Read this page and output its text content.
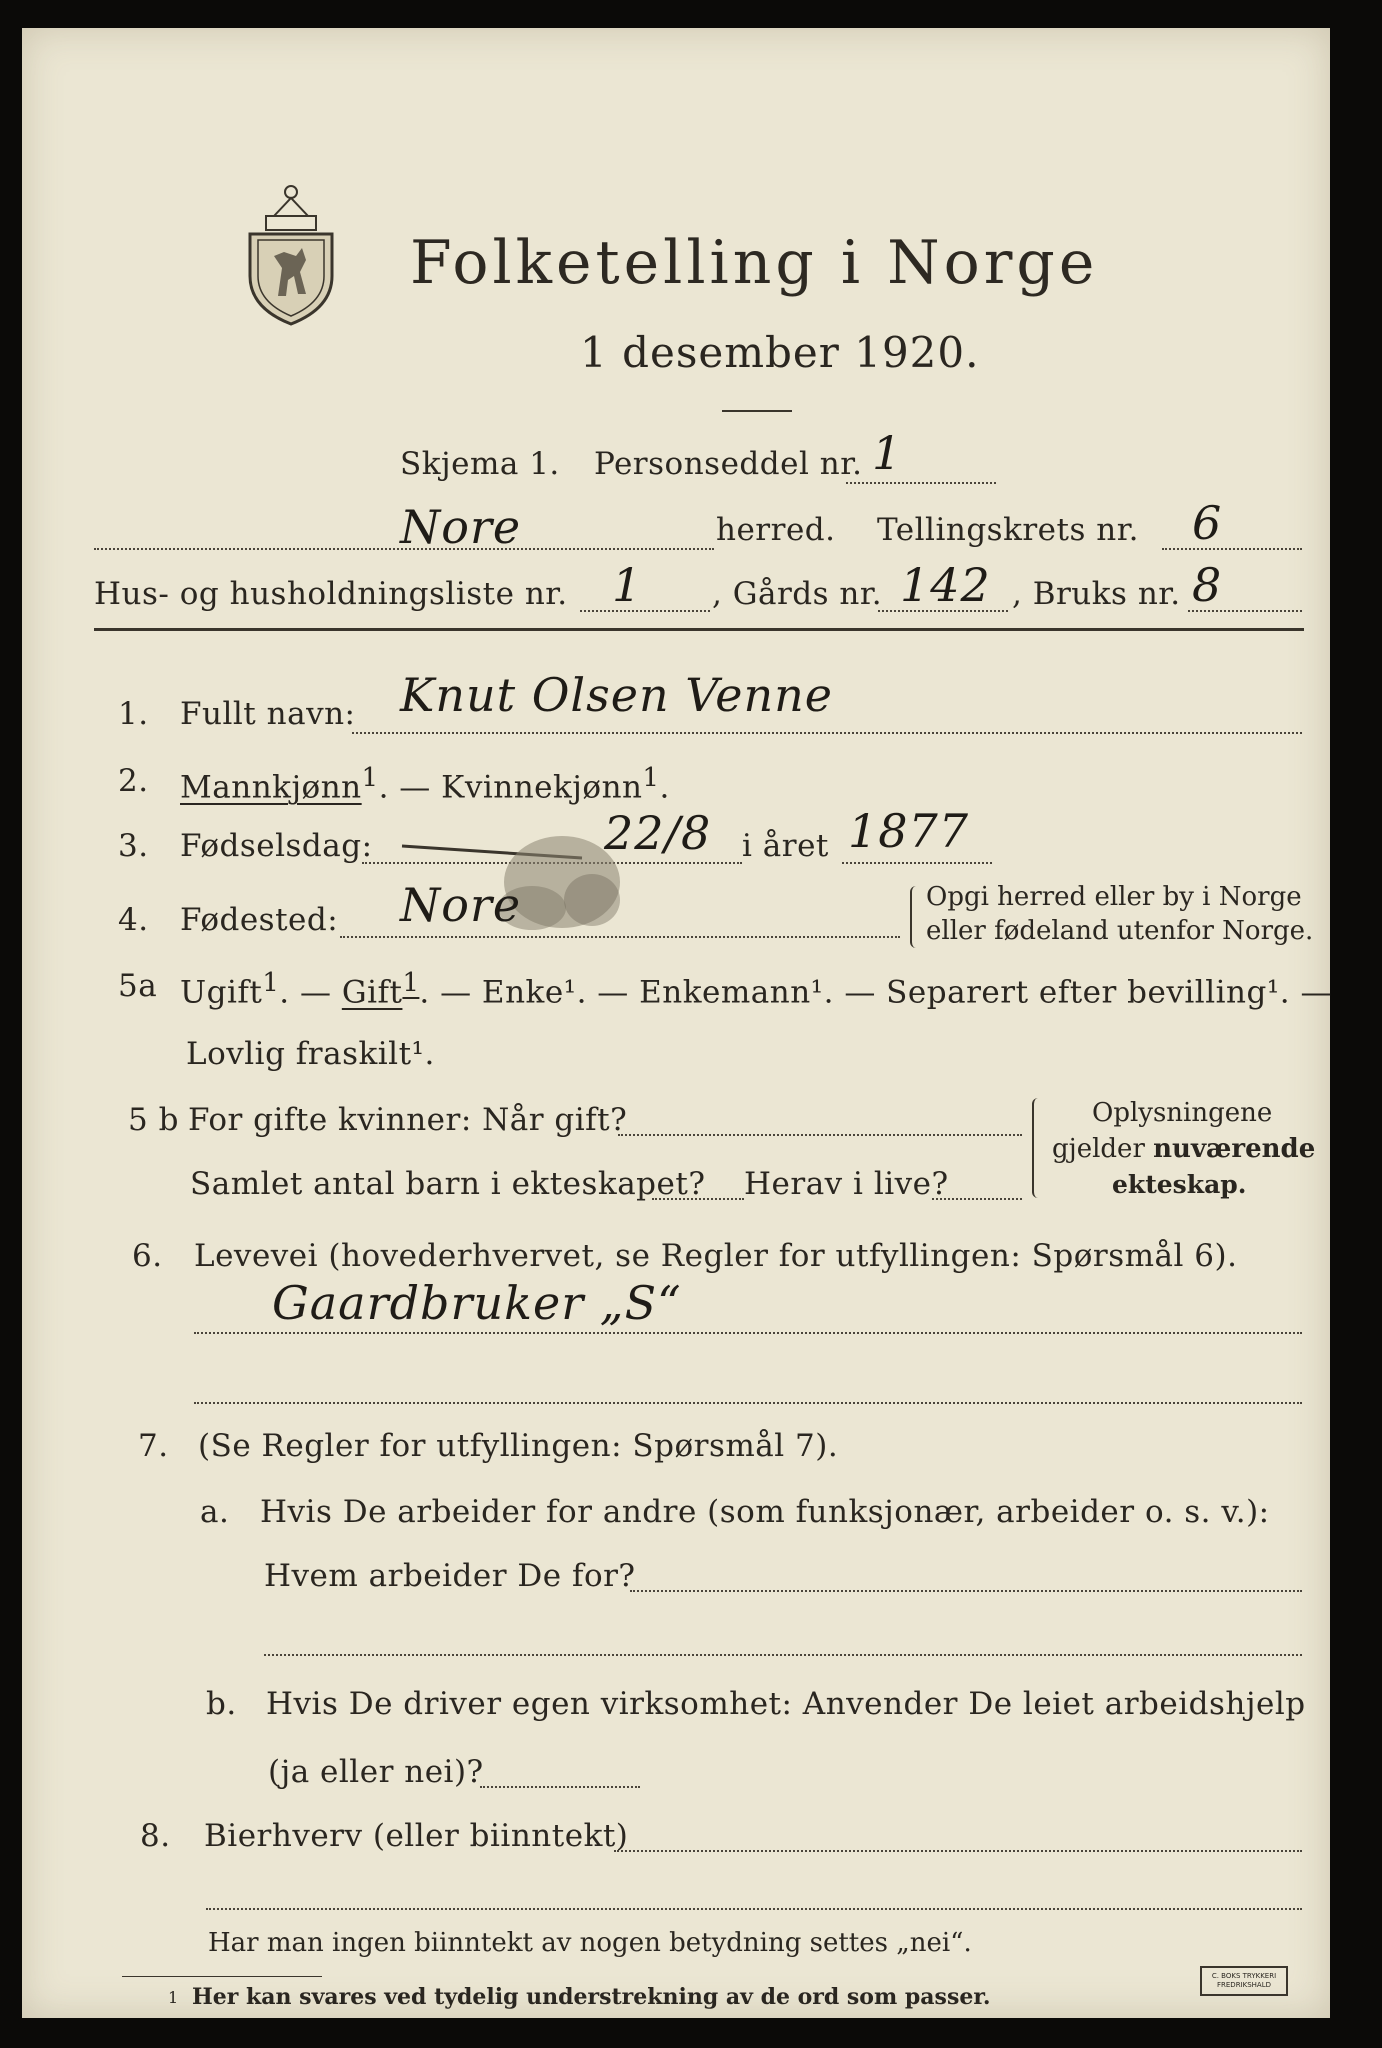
Folketelling i Norge
1 desember 1920.
Skjema 1. Personseddel nr. 1
Nore	herred. Tellingskrets nr. 6
Hus- og husholdningsliste nr. 1 , Gårds nr. 142 , Bruks nr. 8
1. Fullt navn: Knut Olsen Venne
2. Mannkjønn$^1$. — Kvinnekjønn$^1$.
3. Fødselsdag:	22/8 i året 1877
4. Fødested: Nore	Opgi herred eller by i Norge
eller fødeland utenfor Norge.
5a Ugift$^1$. — Gift$^1$. — Enke¹. — Enkemann¹. — Separert efter bevilling¹. —
Lovlig fraskilt¹.
5 b For gifte kvinner: Når gift?
Samlet antal barn i ekteskapet? Herav i live?
Oplysningene
gjelder nuværende
ekteskap.
6. Levevei (hovederhvervet, se Regler for utfyllingen: Spørsmål 6).
Gaardbruker „S“
7. (Se Regler for utfyllingen: Spørsmål 7).
a. Hvis De arbeider for andre (som funksjonær, arbeider o. s. v.):
Hvem arbeider De for?
b. Hvis De driver egen virksomhet: Anvender De leiet arbeidshjelp
(ja eller nei)?
8. Bierhverv (eller biinntekt)
Har man ingen biinntekt av nogen betydning settes „nei“.
1 Her kan svares ved tydelig understrekning av de ord som passer.
C. BOKS TRYKKERI
FREDRIKSHALD
